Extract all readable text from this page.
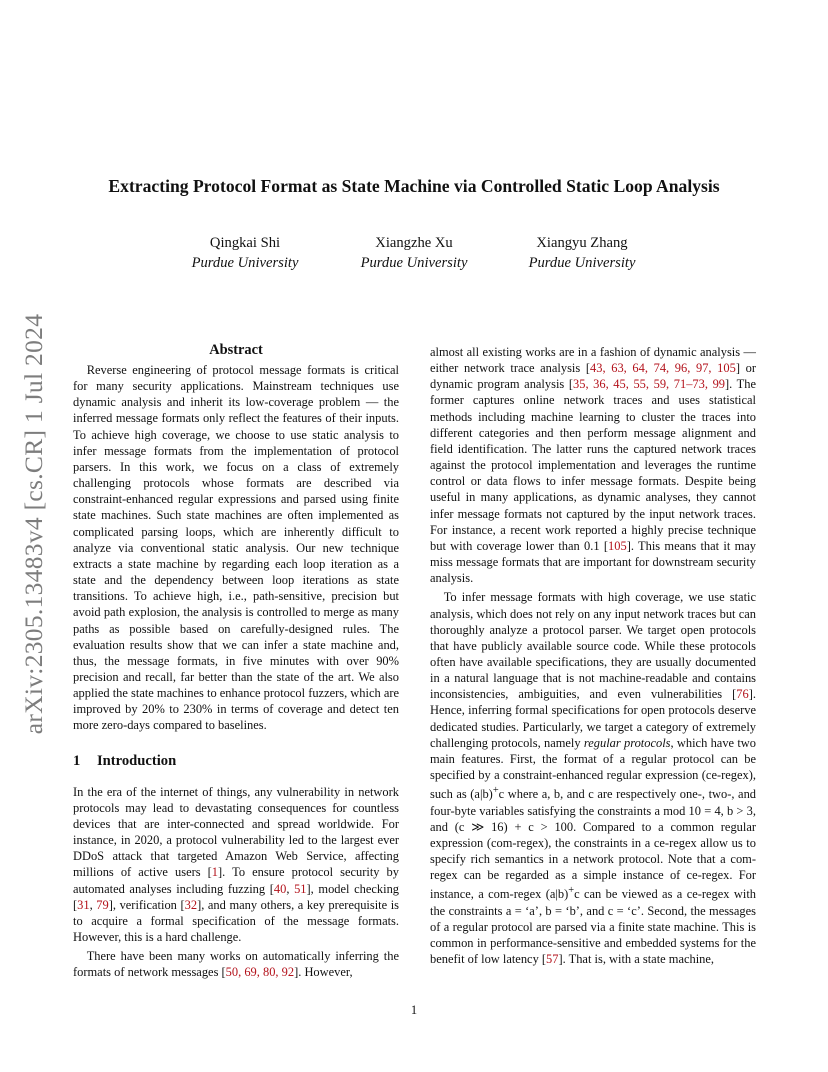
arXiv:2305.13483v4 [cs.CR] 1 Jul 2024
Extracting Protocol Format as State Machine via Controlled Static Loop Analysis
Qingkai Shi
Purdue University
Xiangzhe Xu
Purdue University
Xiangyu Zhang
Purdue University
Abstract

Reverse engineering of protocol message formats is critical for many security applications. Mainstream techniques use dynamic analysis and inherit its low-coverage problem — the inferred message formats only reflect the features of their inputs. To achieve high coverage, we choose to use static analysis to infer message formats from the implementation of protocol parsers. In this work, we focus on a class of extremely challenging protocols whose formats are described via constraint-enhanced regular expressions and parsed using finite state machines. Such state machines are often implemented as complicated parsing loops, which are inherently difficult to analyze via conventional static analysis. Our new technique extracts a state machine by regarding each loop iteration as a state and the dependency between loop iterations as state transitions. To achieve high, i.e., path-sensitive, precision but avoid path explosion, the analysis is controlled to merge as many paths as possible based on carefully-designed rules. The evaluation results show that we can infer a state machine and, thus, the message formats, in five minutes with over 90% precision and recall, far better than the state of the art. We also applied the state machines to enhance protocol fuzzers, which are improved by 20% to 230% in terms of coverage and detect ten more zero-days compared to baselines.

1 Introduction

In the era of the internet of things, any vulnerability in network protocols may lead to devastating consequences for countless devices that are inter-connected and spread worldwide. For instance, in 2020, a protocol vulnerability led to the largest ever DDoS attack that targeted Amazon Web Service, affecting millions of active users [1]. To ensure protocol security by automated analyses including fuzzing [40, 51], model checking [31, 79], verification [32], and many others, a key prerequisite is to acquire a formal specification of the message formats. However, this is a hard challenge.

There have been many works on automatically inferring the formats of network messages [50, 69, 80, 92]. However,

almost all existing works are in a fashion of dynamic analysis — either network trace analysis [43, 63, 64, 74, 96, 97, 105] or dynamic program analysis [35, 36, 45, 55, 59, 71–73, 99]. The former captures online network traces and uses statistical methods including machine learning to cluster the traces into different categories and then perform message alignment and field identification. The latter runs the captured network traces against the protocol implementation and leverages the runtime control or data flows to infer message formats. Despite being useful in many applications, as dynamic analyses, they cannot infer message formats not captured by the input network traces. For instance, a recent work reported a highly precise technique but with coverage lower than 0.1 [105]. This means that it may miss message formats that are important for downstream security analysis.

To infer message formats with high coverage, we use static analysis, which does not rely on any input network traces but can thoroughly analyze a protocol parser. We target open protocols that have publicly available source code. While these protocols often have available specifications, they are usually documented in a natural language that is not machine-readable and contains inconsistencies, ambiguities, and even vulnerabilities [76]. Hence, inferring formal specifications for open protocols deserve dedicated studies. Particularly, we target a category of extremely challenging protocols, namely regular protocols, which have two main features. First, the format of a regular protocol can be specified by a constraint-enhanced regular expression (ce-regex), such as (a|b)+c where a, b, and c are respectively one-, two-, and four-byte variables satisfying the constraints a mod 10 = 4, b > 3, and (c ≫ 16) + c > 100. Compared to a common regular expression (com-regex), the constraints in a ce-regex allow us to specify rich semantics in a network protocol. Note that a com-regex can be regarded as a simple instance of ce-regex. For instance, a com-regex (a|b)+c can be viewed as a ce-regex with the constraints a = ‘a’, b = ‘b’, and c = ‘c’. Second, the messages of a regular protocol are parsed via a finite state machine. This is common in performance-sensitive and embedded systems for the benefit of low latency [57]. That is, with a state machine,

1
